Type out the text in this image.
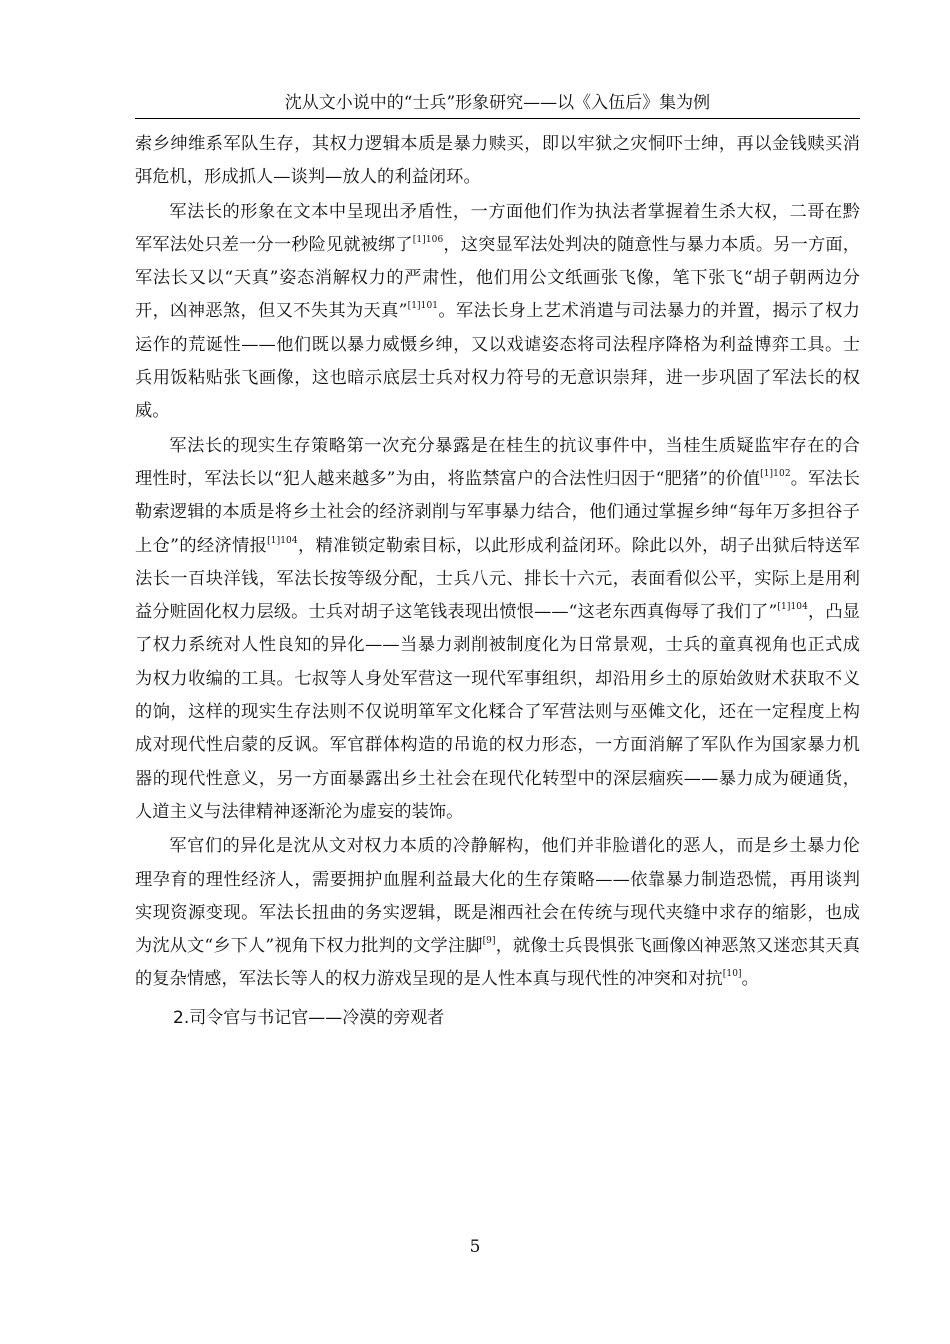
沈从文小说中的“士兵”形象研究——以《入伍后》集为例

索乡绅维系军队生存，其权力逻辑本质是暴力赎买，即以牢狱之灾恫吓士绅，再以金钱赎买消弭危机，形成抓人—谈判—放人的利益闭环。

军法长的形象在文本中呈现出矛盾性，一方面他们作为执法者掌握着生杀大权，二哥在黔军军法处只差一分一秒险见就被绑了$^{[1]106}$，这突显军法处判决的随意性与暴力本质。另一方面，军法长又以“天真”姿态消解权力的严肃性，他们用公文纸画张飞像，笔下张飞“胡子朝两边分开，凶神恶煞，但又不失其为天真”$^{[1]101}$。军法长身上艺术消遣与司法暴力的并置，揭示了权力运作的荒诞性——他们既以暴力威慑乡绅，又以戏谑姿态将司法程序降格为利益博弈工具。士兵用饭粘贴张飞画像，这也暗示底层士兵对权力符号的无意识崇拜，进一步巩固了军法长的权威。

军法长的现实生存策略第一次充分暴露是在桂生的抗议事件中，当桂生质疑监牢存在的合理性时，军法长以“犯人越来越多”为由，将监禁富户的合法性归因于“肥猪”的价值$^{[1]102}$。军法长勒索逻辑的本质是将乡土社会的经济剥削与军事暴力结合，他们通过掌握乡绅“每年万多担谷子上仓”的经济情报$^{[1]104}$，精准锁定勒索目标，以此形成利益闭环。除此以外，胡子出狱后特送军法长一百块洋钱，军法长按等级分配，士兵八元、排长十六元，表面看似公平，实际上是用利益分赃固化权力层级。士兵对胡子这笔钱表现出愤恨——“这老东西真侮辱了我们了”$^{[1]104}$，凸显了权力系统对人性良知的异化——当暴力剥削被制度化为日常景观，士兵的童真视角也正式成为权力收编的工具。七叔等人身处军营这一现代军事组织，却沿用乡土的原始敛财术获取不义的饷，这样的现实生存法则不仅说明箪军文化糅合了军营法则与巫傩文化，还在一定程度上构成对现代性启蒙的反讽。军官群体构造的吊诡的权力形态，一方面消解了军队作为国家暴力机器的现代性意义，另一方面暴露出乡土社会在现代化转型中的深层痼疾——暴力成为硬通货，人道主义与法律精神逐渐沦为虚妄的装饰。

军官们的异化是沈从文对权力本质的冷静解构，他们并非脸谱化的恶人，而是乡土暴力伦理孕育的理性经济人，需要拥护血腥利益最大化的生存策略——依靠暴力制造恐慌，再用谈判实现资源变现。军法长扭曲的务实逻辑，既是湘西社会在传统与现代夹缝中求存的缩影，也成为沈从文“乡下人”视角下权力批判的文学注脚[9]，就像士兵畏惧张飞画像凶神恶煞又迷恋其天真的复杂情感，军法长等人的权力游戏呈现的是人性本真与现代性的冲突和对抗[10]。

2.司令官与书记官——冷漠的旁观者
5
